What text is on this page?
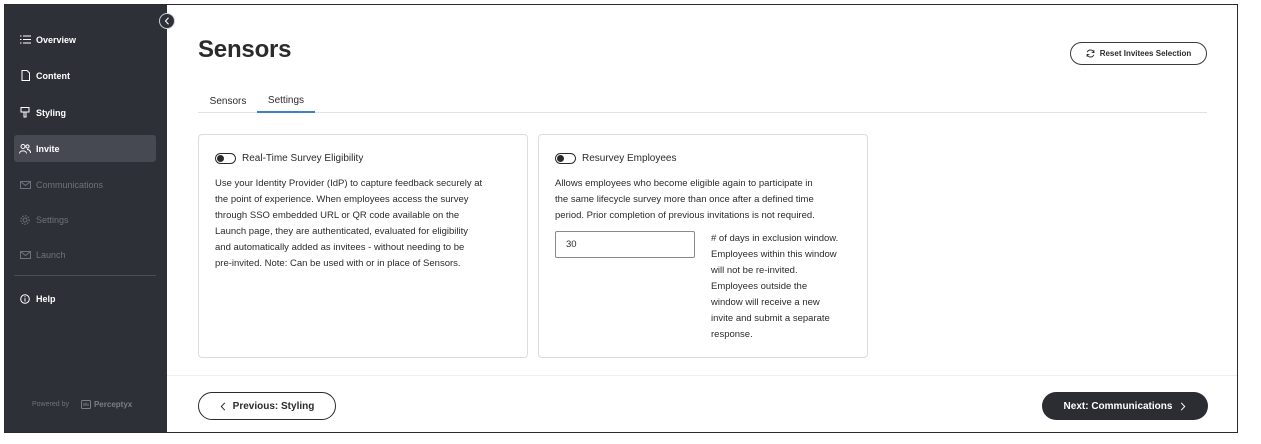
Overview
Content
Styling
Invite
Communications
Settings
Launch
Help
Powered by	Perceptyx
Sensors	Reset Invitees Selection
Sensors Settings
Real-Time Survey Eligibility
Use your Identity Provider (IdP) to capture feedback securely at
the point of experience. When employees access the survey
through SSO embedded URL or QR code available on the
Launch page, they are authenticated, evaluated for eligibility
and automatically added as invitees - without needing to be
pre-invited. Note: Can be used with or in place of Sensors.
Resurvey Employees
Allows employees who become eligible again to participate in
the same lifecycle survey more than once after a defined time
period. Prior completion of previous invitations is not required.
30
# of days in exclusion window.
Employees within this window
will not be re-invited.
Employees outside the
window will receive a new
invite and submit a separate
response.
Previous: Styling	Next: Communications
